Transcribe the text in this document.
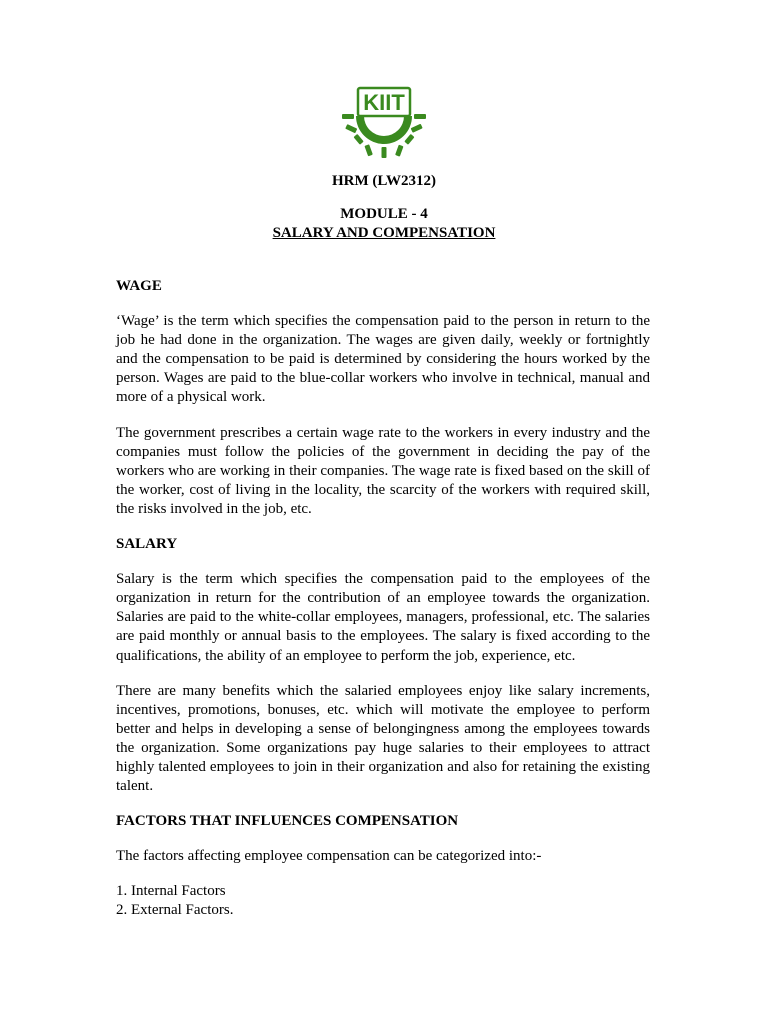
KIIT
HRM (LW2312)
MODULE - 4
SALARY AND COMPENSATION
WAGE

‘Wage’ is the term which specifies the compensation paid to the person in return to the job he had done in the organization. The wages are given daily, weekly or fortnightly and the compensation to be paid is determined by considering the hours worked by the person. Wages are paid to the blue-collar workers who involve in technical, manual and more of a physical work.

The government prescribes a certain wage rate to the workers in every industry and the companies must follow the policies of the government in deciding the pay of the workers who are working in their companies. The wage rate is fixed based on the skill of the worker, cost of living in the locality, the scarcity of the workers with required skill, the risks involved in the job, etc.

SALARY

Salary is the term which specifies the compensation paid to the employees of the organization in return for the contribution of an employee towards the organization. Salaries are paid to the white-collar employees, managers, professional, etc. The salaries are paid monthly or annual basis to the employees. The salary is fixed according to the qualifications, the ability of an employee to perform the job, experience, etc.

There are many benefits which the salaried employees enjoy like salary increments, incentives, promotions, bonuses, etc. which will motivate the employee to perform better and helps in developing a sense of belongingness among the employees towards the organization. Some organizations pay huge salaries to their employees to attract highly talented employees to join in their organization and also for retaining the existing talent.

FACTORS THAT INFLUENCES COMPENSATION

The factors affecting employee compensation can be categorized into:-

1. Internal Factors
2. External Factors.
